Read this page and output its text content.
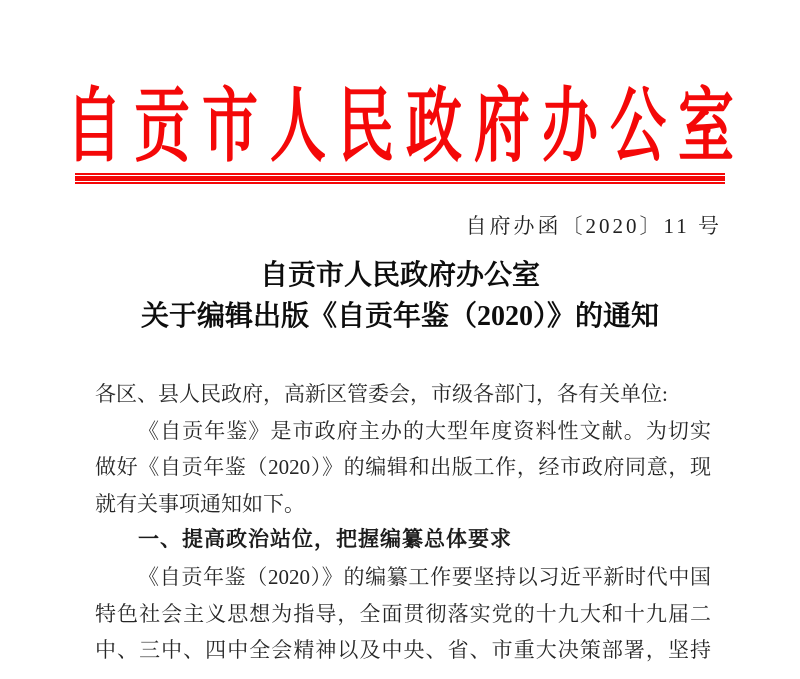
自贡市人民政府办公室
自府办函〔2020〕11 号
自贡市人民政府办公室
关于编辑出版《自贡年鉴（2020）》的通知
各区、县人民政府，高新区管委会，市级各部门，各有关单位:
《自贡年鉴》是市政府主办的大型年度资料性文献。为切实
做好《自贡年鉴（2020）》的编辑和出版工作，经市政府同意，现
就有关事项通知如下。
一、提高政治站位，把握编纂总体要求
《自贡年鉴（2020）》的编纂工作要坚持以习近平新时代中国
特色社会主义思想为指导，全面贯彻落实党的十九大和十九届二
中、三中、四中全会精神以及中央、省、市重大决策部署，坚持
